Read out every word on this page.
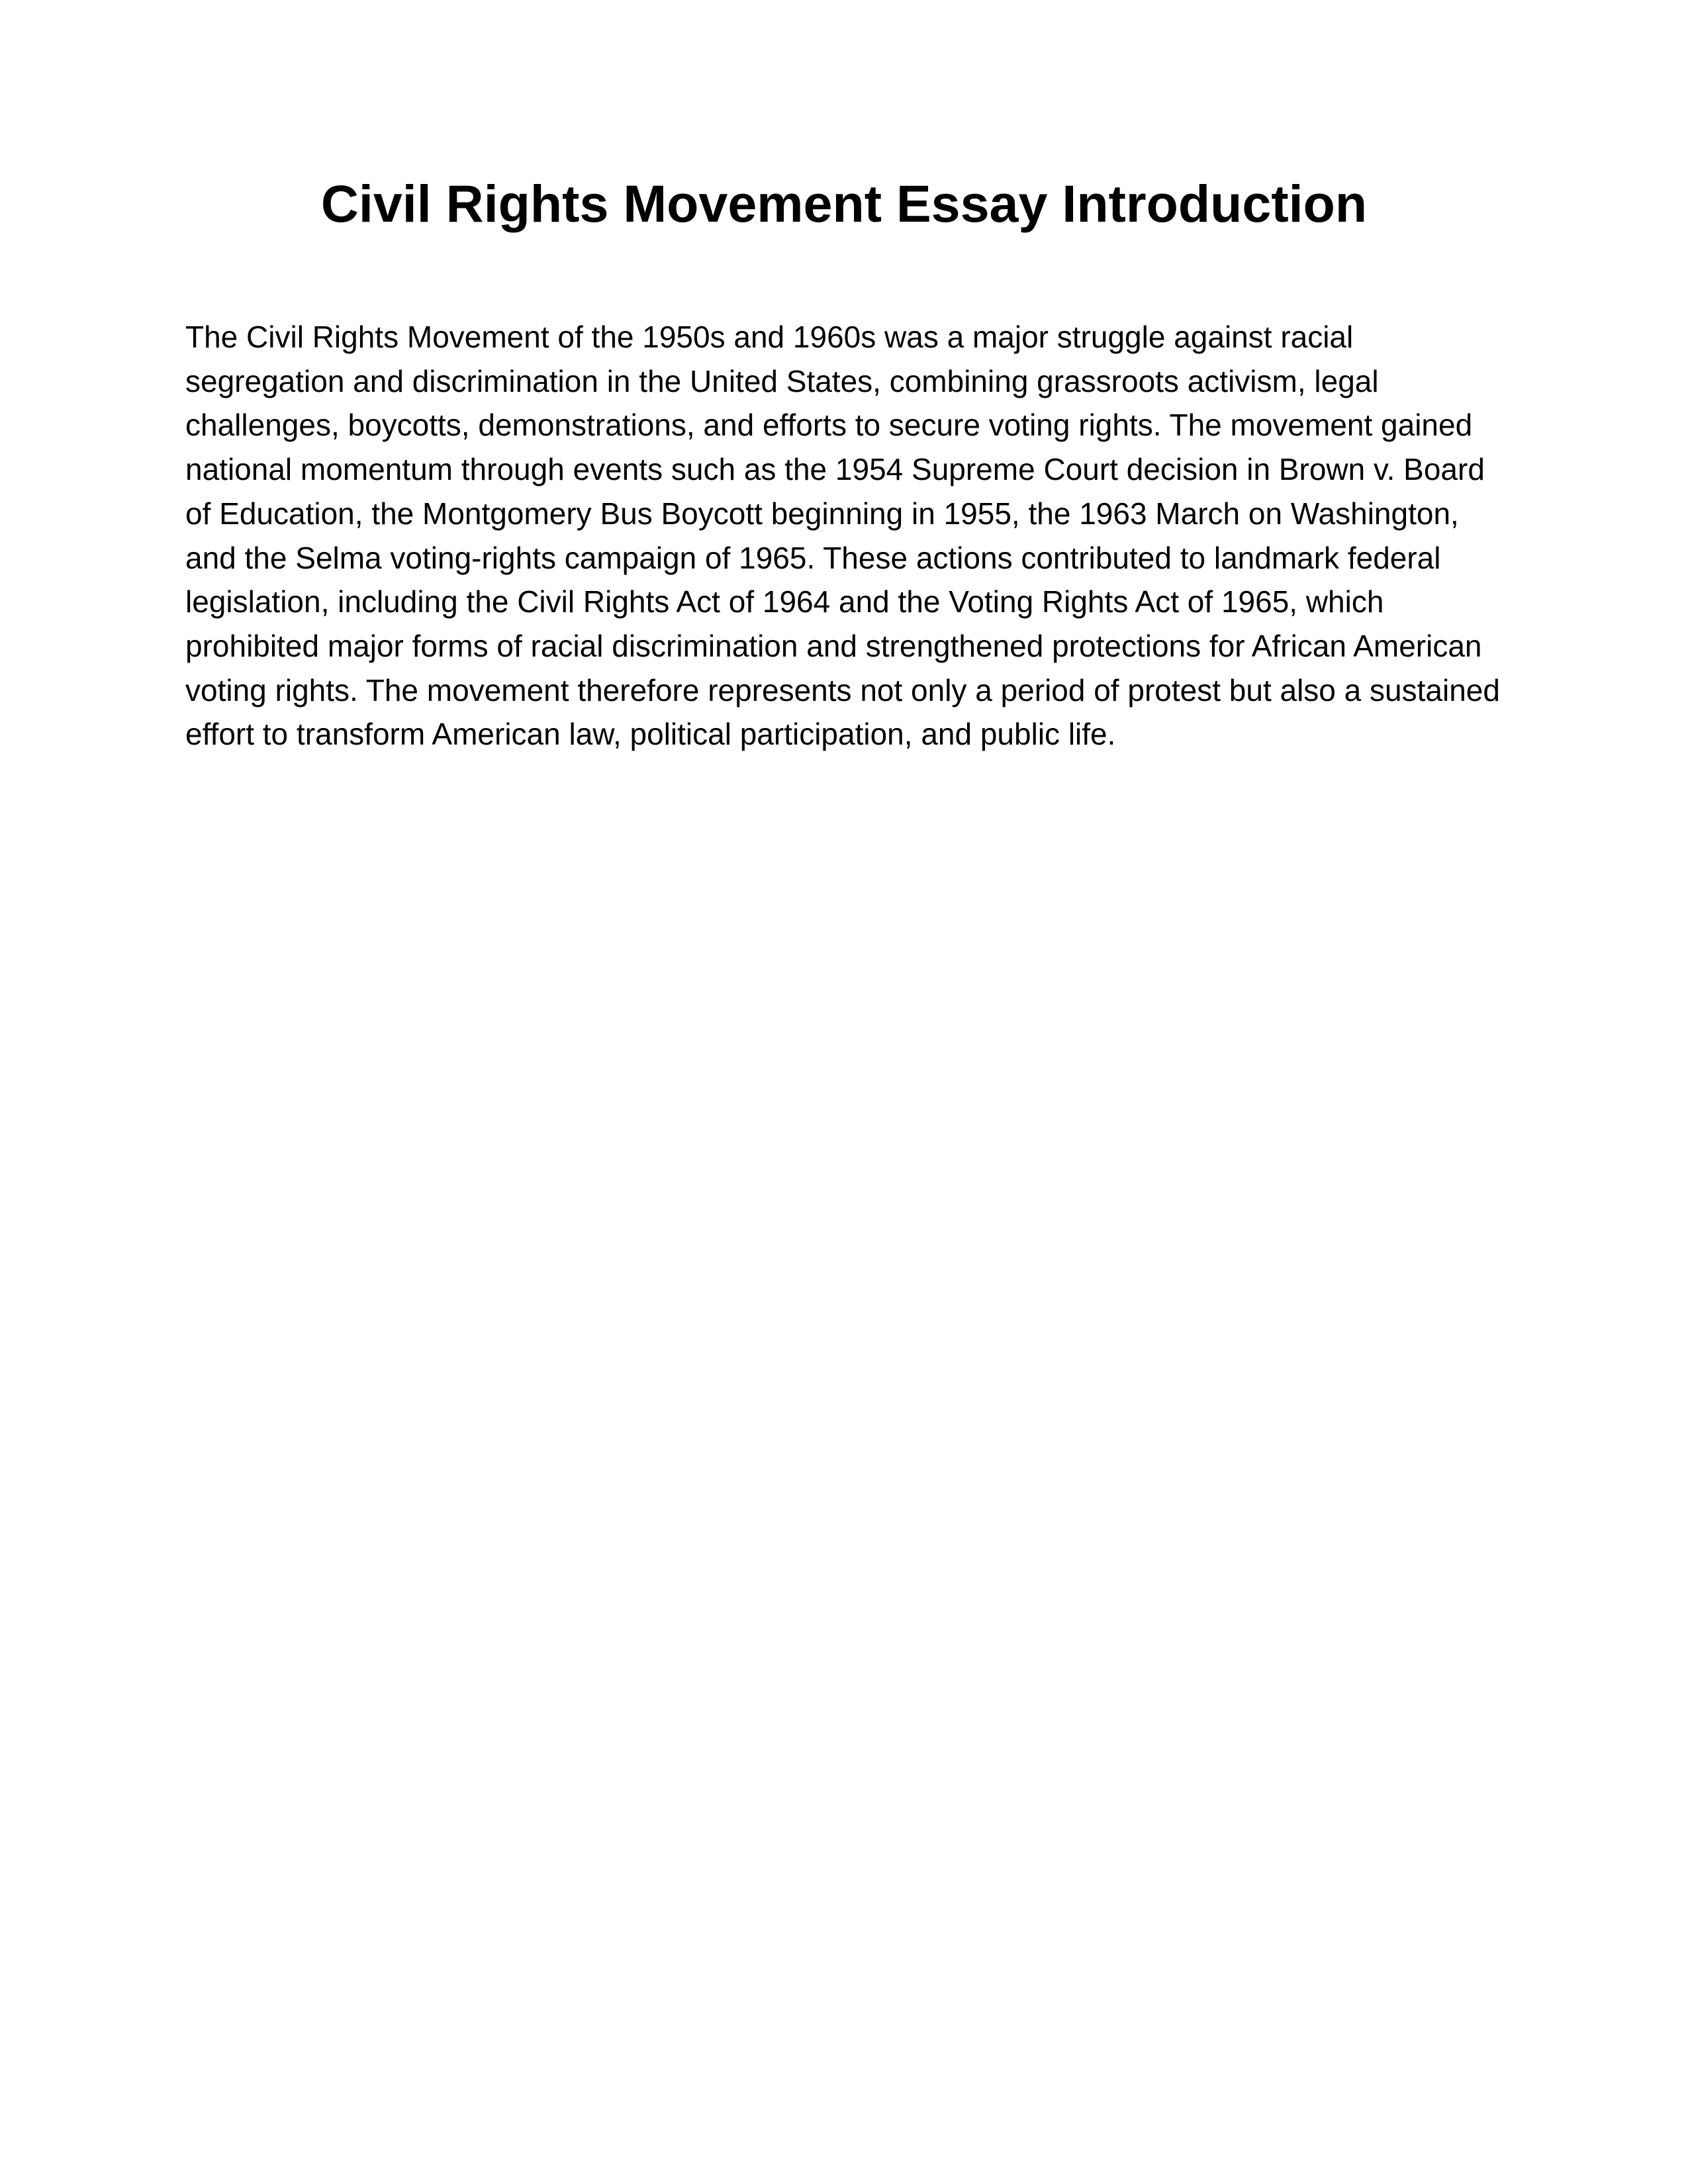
Civil Rights Movement Essay Introduction

The Civil Rights Movement of the 1950s and 1960s was a major struggle against racial
segregation and discrimination in the United States, combining grassroots activism, legal
challenges, boycotts, demonstrations, and efforts to secure voting rights. The movement gained
national momentum through events such as the 1954 Supreme Court decision in Brown v. Board
of Education, the Montgomery Bus Boycott beginning in 1955, the 1963 March on Washington,
and the Selma voting-rights campaign of 1965. These actions contributed to landmark federal
legislation, including the Civil Rights Act of 1964 and the Voting Rights Act of 1965, which
prohibited major forms of racial discrimination and strengthened protections for African American
voting rights. The movement therefore represents not only a period of protest but also a sustained
effort to transform American law, political participation, and public life.
